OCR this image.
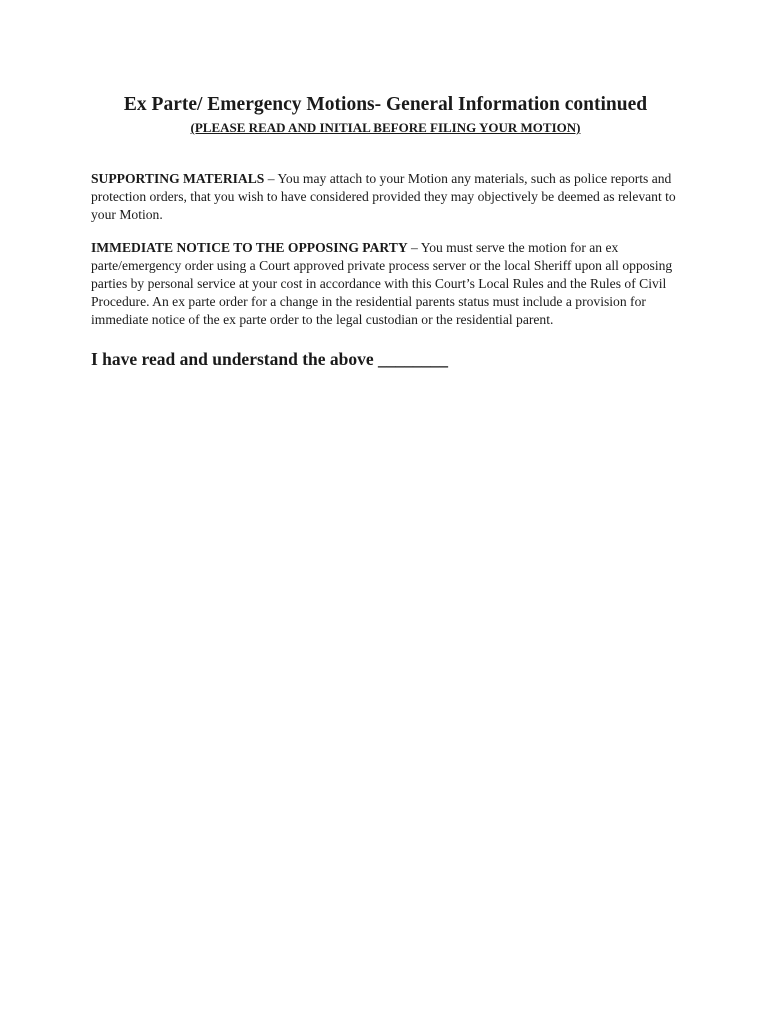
Ex Parte/ Emergency Motions- General Information continued

(PLEASE READ AND INITIAL BEFORE FILING YOUR MOTION)

SUPPORTING MATERIALS – You may attach to your Motion any materials, such as police reports and protection orders, that you wish to have considered provided they may objectively be deemed as relevant to your Motion.

IMMEDIATE NOTICE TO THE OPPOSING PARTY – You must serve the motion for an ex parte/emergency order using a Court approved private process server or the local Sheriff upon all opposing parties by personal service at your cost in accordance with this Court’s Local Rules and the Rules of Civil Procedure. An ex parte order for a change in the residential parents status must include a provision for immediate notice of the ex parte order to the legal custodian or the residential parent.

I have read and understand the above ________
